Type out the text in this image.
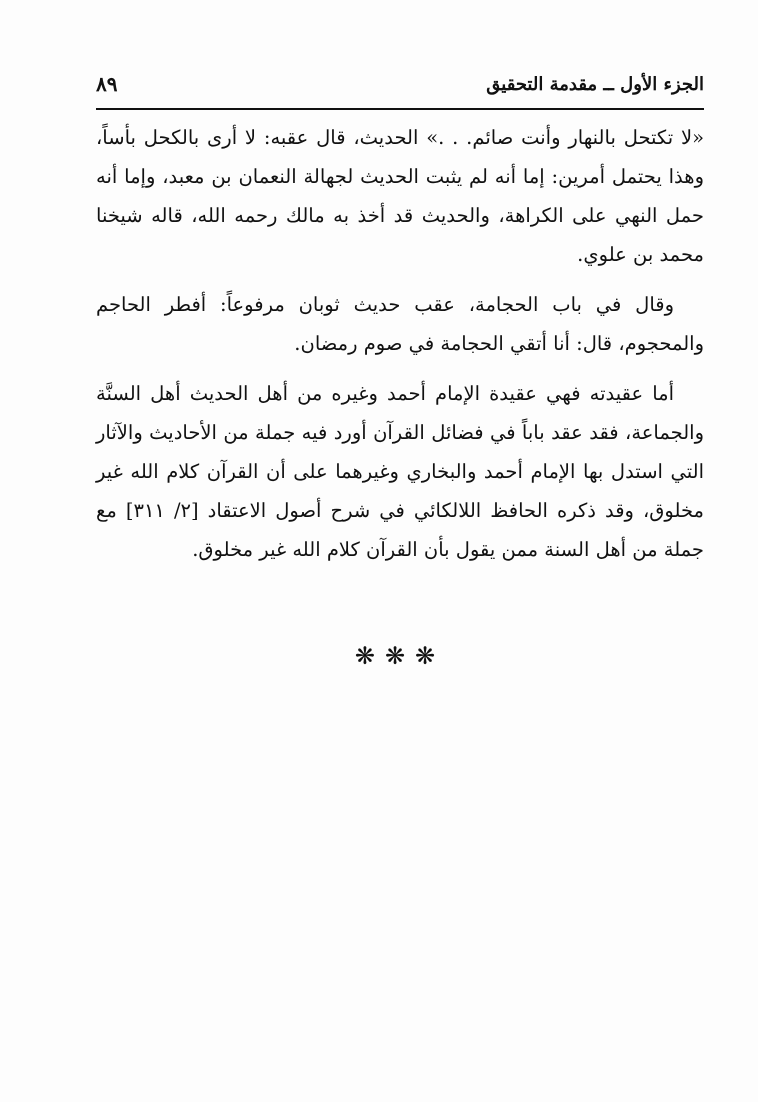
الجزء الأول ــ مقدمة التحقيق
٨٩

«لا تكتحل بالنهار وأنت صائم. . .» الحديث، قال عقبه: لا أرى بالكحل بأساً، وهذا يحتمل أمرين: إما أنه لم يثبت الحديث لجهالة النعمان بن معبد، وإما أنه حمل النهي على الكراهة، والحديث قد أخذ به مالك رحمه الله، قاله شيخنا محمد بن علوي.

وقال في باب الحجامة، عقب حديث ثوبان مرفوعاً: أفطر الحاجم والمحجوم، قال: أنا أتقي الحجامة في صوم رمضان.

أما عقيدته فهي عقيدة الإمام أحمد وغيره من أهل الحديث أهل السنَّة والجماعة، فقد عقد باباً في فضائل القرآن أورد فيه جملة من الأحاديث والآثار التي استدل بها الإمام أحمد والبخاري وغيرهما على أن القرآن كلام الله غير مخلوق، وقد ذكره الحافظ اللالكائي في شرح أصول الاعتقاد [٢/ ٣١١] مع جملة من أهل السنة ممن يقول بأن القرآن كلام الله غير مخلوق.

❋❋❋
